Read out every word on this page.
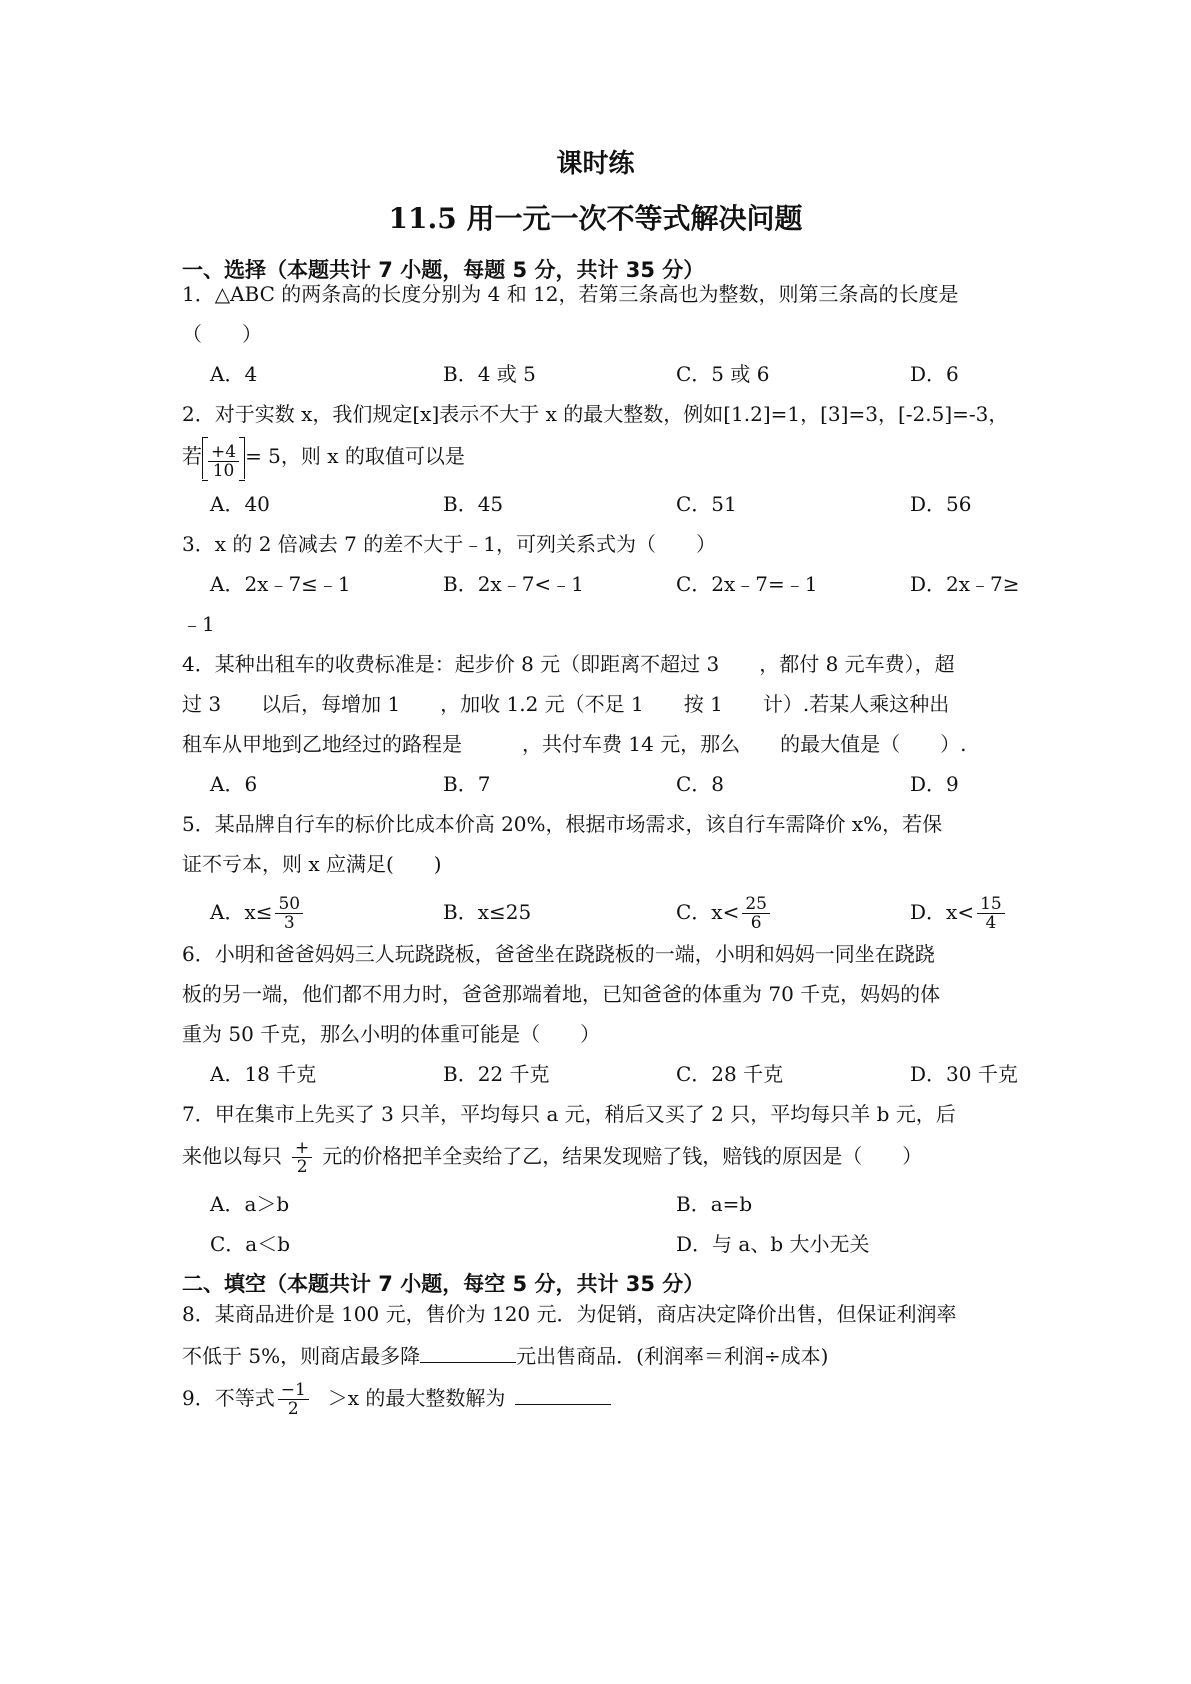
课时练
11.5 用一元一次不等式解决问题
一、选择（本题共计 7 小题，每题 5 分，共计 35 分）
1．△ABC 的两条高的长度分别为 4 和 12，若第三条高也为整数，则第三条高的长度是
（　　）
A．4	B．4 或 5	C．5 或 6	D．6
2．对于实数 x，我们规定[x]表示不大于 x 的最大整数，例如[1.2]=1，[3]=3，[-2.5]=-3，
若 $\frac{+4}{10} = 5$，则 x 的取值可以是
A．40	B．45	C．51	D．56
3．x 的 2 倍减去 7 的差不大于﹣1，可列关系式为（　　）
A．2x﹣7≤﹣1	B．2x﹣7<﹣1	C．2x﹣7=﹣1	D．2x﹣7≥
﹣1
4．某种出租车的收费标准是：起步价 8 元（即距离不超过 3　　，都付 8 元车费），超
过 3　　以后，每增加 1　　，加收 1.2 元（不足 1　　按 1　　计）.若某人乘这种出
租车从甲地到乙地经过的路程是　　　，共付车费 14 元，那么　　的最大值是（　　）.
A．6	B．7	C．8	D．9
5．某品牌自行车的标价比成本价高 20%，根据市场需求，该自行车需降价 x%，若保
证不亏本，则 x 应满足(　　)
A．$x\le \frac{50}{3}$	B．x≤25	C．$x< \frac{25}{6}$	D．$x< \frac{15}{4}$
6．小明和爸爸妈妈三人玩跷跷板，爸爸坐在跷跷板的一端，小明和妈妈一同坐在跷跷
板的另一端，他们都不用力时，爸爸那端着地，已知爸爸的体重为 70 千克，妈妈的体
重为 50 千克，那么小明的体重可能是（　　）
A．18 千克	B．22 千克	C．28 千克	D．30 千克
7．甲在集市上先买了 3 只羊，平均每只 a 元，稍后又买了 2 只，平均每只羊 b 元，后
来他以每只 $\frac{+}{2}$ 元的价格把羊全卖给了乙，结果发现赔了钱，赔钱的原因是（　　）
A．a＞b	B．a=b
C．a＜b	D．与 a、b 大小无关
二、填空（本题共计 7 小题，每空 5 分，共计 35 分）
8．某商品进价是 100 元，售价为 120 元．为促销，商店决定降价出售，但保证利润率
不低于 5%，则商店最多降	元出售商品．(利润率＝利润÷成本)
9．不等式 $\frac{-1}{2} >x$ 的最大整数解为
